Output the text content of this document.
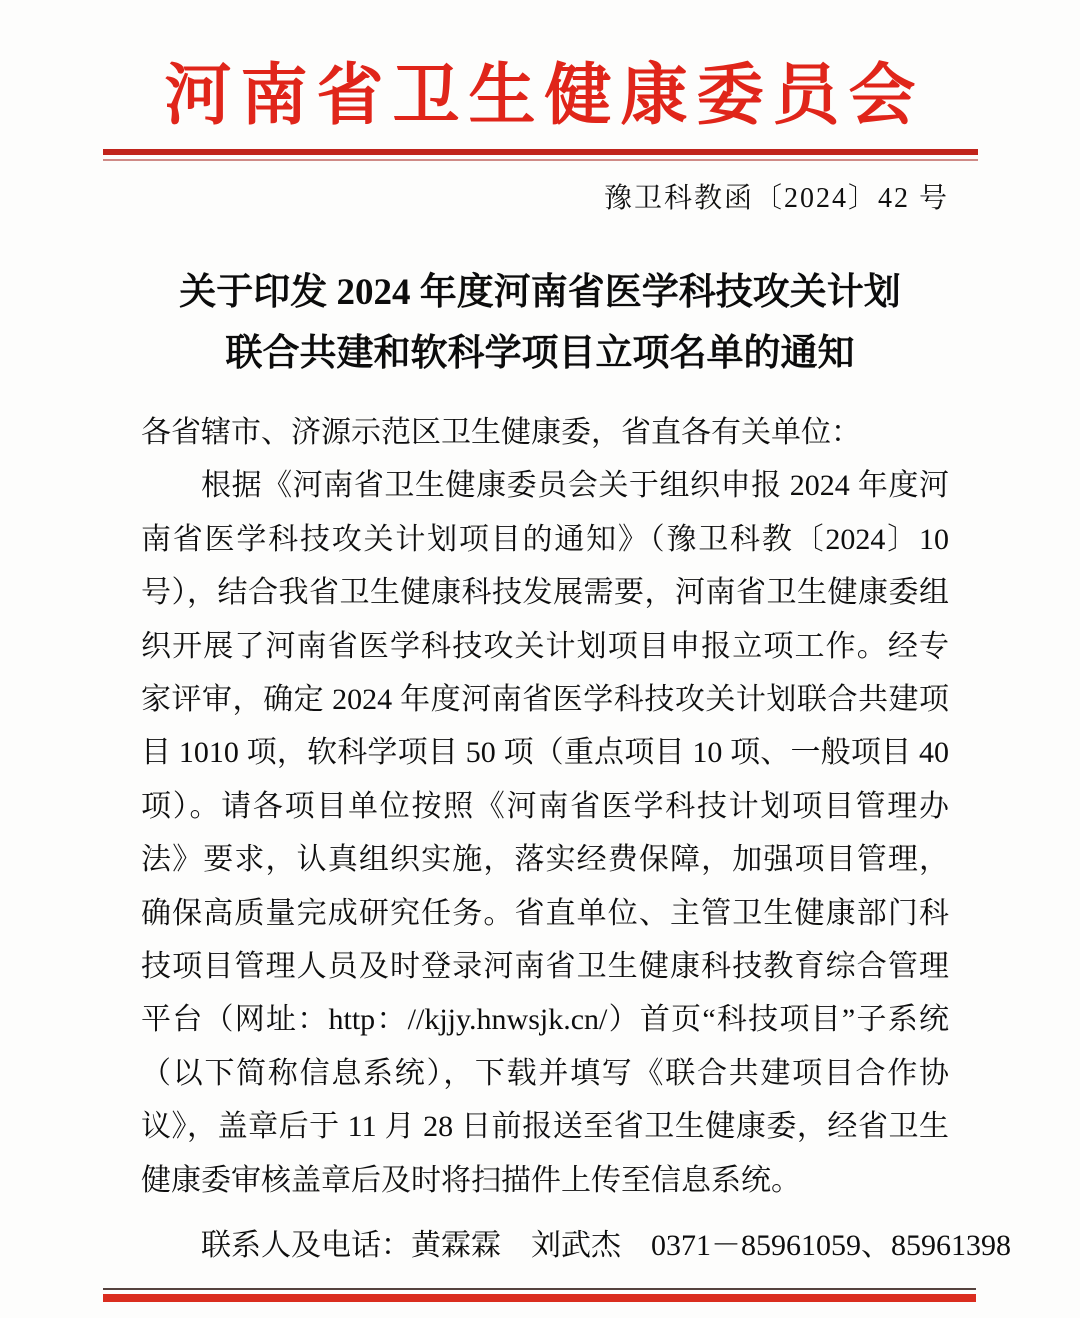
河南省卫生健康委员会
豫卫科教函〔2024〕42 号
关于印发 2024 年度河南省医学科技攻关计划
联合共建和软科学项目立项名单的通知

各省辖市、济源示范区卫生健康委，省直各有关单位：

根据《河南省卫生健康委员会关于组织申报 2024 年度河南省医学科技攻关计划项目的通知》（豫卫科教〔2024〕10 号），结合我省卫生健康科技发展需要，河南省卫生健康委组织开展了河南省医学科技攻关计划项目申报立项工作。经专家评审，确定 2024 年度河南省医学科技攻关计划联合共建项目 1010 项，软科学项目 50 项（重点项目 10 项、一般项目 40 项）。请各项目单位按照《河南省医学科技计划项目管理办法》要求，认真组织实施，落实经费保障，加强项目管理，确保高质量完成研究任务。省直单位、主管卫生健康部门科技项目管理人员及时登录河南省卫生健康科技教育综合管理平台（网址：http：//kjjy.hnwsjk.cn/）首页“科技项目”子系统（以下简称信息系统），下载并填写《联合共建项目合作协议》，盖章后于 11 月 28 日前报送至省卫生健康委，经省卫生健康委审核盖章后及时将扫描件上传至信息系统。

联系人及电话：黄霖霖　刘武杰　0371－85961059、85961398
